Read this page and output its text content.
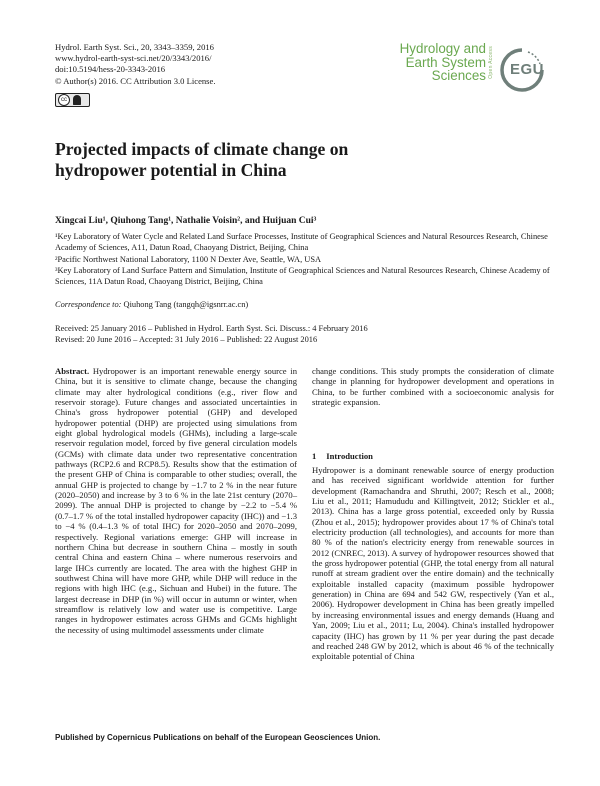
Hydrol. Earth Syst. Sci., 20, 3343–3359, 2016
www.hydrol-earth-syst-sci.net/20/3343/2016/
doi:10.5194/hess-20-3343-2016
© Author(s) 2016. CC Attribution 3.0 License.
cc
Hydrology and
Earth System
Sciences Open Access EGU
Projected impacts of climate change on
hydropower potential in China
Xingcai Liu¹, Qiuhong Tang¹, Nathalie Voisin², and Huijuan Cui³

¹Key Laboratory of Water Cycle and Related Land Surface Processes, Institute of Geographical Sciences and Natural Resources Research, Chinese Academy of Sciences, A11, Datun Road, Chaoyang District, Beijing, China

²Pacific Northwest National Laboratory, 1100 N Dexter Ave, Seattle, WA, USA

³Key Laboratory of Land Surface Pattern and Simulation, Institute of Geographical Sciences and Natural Resources Research, Chinese Academy of Sciences, 11A Datun Road, Chaoyang District, Beijing, China

Correspondence to: Qiuhong Tang (tangqh@igsnrr.ac.cn)
Received: 25 January 2016 – Published in Hydrol. Earth Syst. Sci. Discuss.: 4 February 2016
Revised: 20 June 2016 – Accepted: 31 July 2016 – Published: 22 August 2016

Abstract. Hydropower is an important renewable energy source in China, but it is sensitive to climate change, because the changing climate may alter hydrological conditions (e.g., river flow and reservoir storage). Future changes and associated uncertainties in China's gross hydropower potential (GHP) and developed hydropower potential (DHP) are projected using simulations from eight global hydrological models (GHMs), including a large-scale reservoir regulation model, forced by five general circulation models (GCMs) with climate data under two representative concentration pathways (RCP2.6 and RCP8.5). Results show that the estimation of the present GHP of China is comparable to other studies; overall, the annual GHP is projected to change by −1.7 to 2 % in the near future (2020–2050) and increase by 3 to 6 % in the late 21st century (2070–2099). The annual DHP is projected to change by −2.2 to −5.4 % (0.7–1.7 % of the total installed hydropower capacity (IHC)) and −1.3 to −4 % (0.4–1.3 % of total IHC) for 2020–2050 and 2070–2099, respectively. Regional variations emerge: GHP will increase in northern China but decrease in southern China – mostly in south central China and eastern China – where numerous reservoirs and large IHCs currently are located. The area with the highest GHP in southwest China will have more GHP, while DHP will reduce in the regions with high IHC (e.g., Sichuan and Hubei) in the future. The largest decrease in DHP (in %) will occur in autumn or winter, when streamflow is relatively low and water use is competitive. Large ranges in hydropower estimates across GHMs and GCMs highlight the necessity of using multimodel assessments under climate

change conditions. This study prompts the consideration of climate change in planning for hydropower development and operations in China, to be further combined with a socioeconomic analysis for strategic expansion.

1 Introduction
Hydropower is a dominant renewable source of energy production and has received significant worldwide attention for further development (Ramachandra and Shruthi, 2007; Resch et al., 2008; Liu et al., 2011; Hamududu and Killingtveit, 2012; Stickler et al., 2013). China has a large gross potential, exceeded only by Russia (Zhou et al., 2015); hydropower provides about 17 % of China's total electricity production (all technologies), and accounts for more than 80 % of the nation's electricity energy from renewable sources in 2012 (CNREC, 2013). A survey of hydropower resources showed that the gross hydropower potential (GHP, the total energy from all natural runoff at stream gradient over the entire domain) and the technically exploitable installed capacity (maximum possible hydropower generation) in China are 694 and 542 GW, respectively (Yan et al., 2006). Hydropower development in China has been greatly impelled by increasing environmental issues and energy demands (Huang and Yan, 2009; Liu et al., 2011; Lu, 2004). China's installed hydropower capacity (IHC) has grown by 11 % per year during the past decade and reached 248 GW by 2012, which is about 46 % of the technically exploitable potential of China
Published by Copernicus Publications on behalf of the European Geosciences Union.
